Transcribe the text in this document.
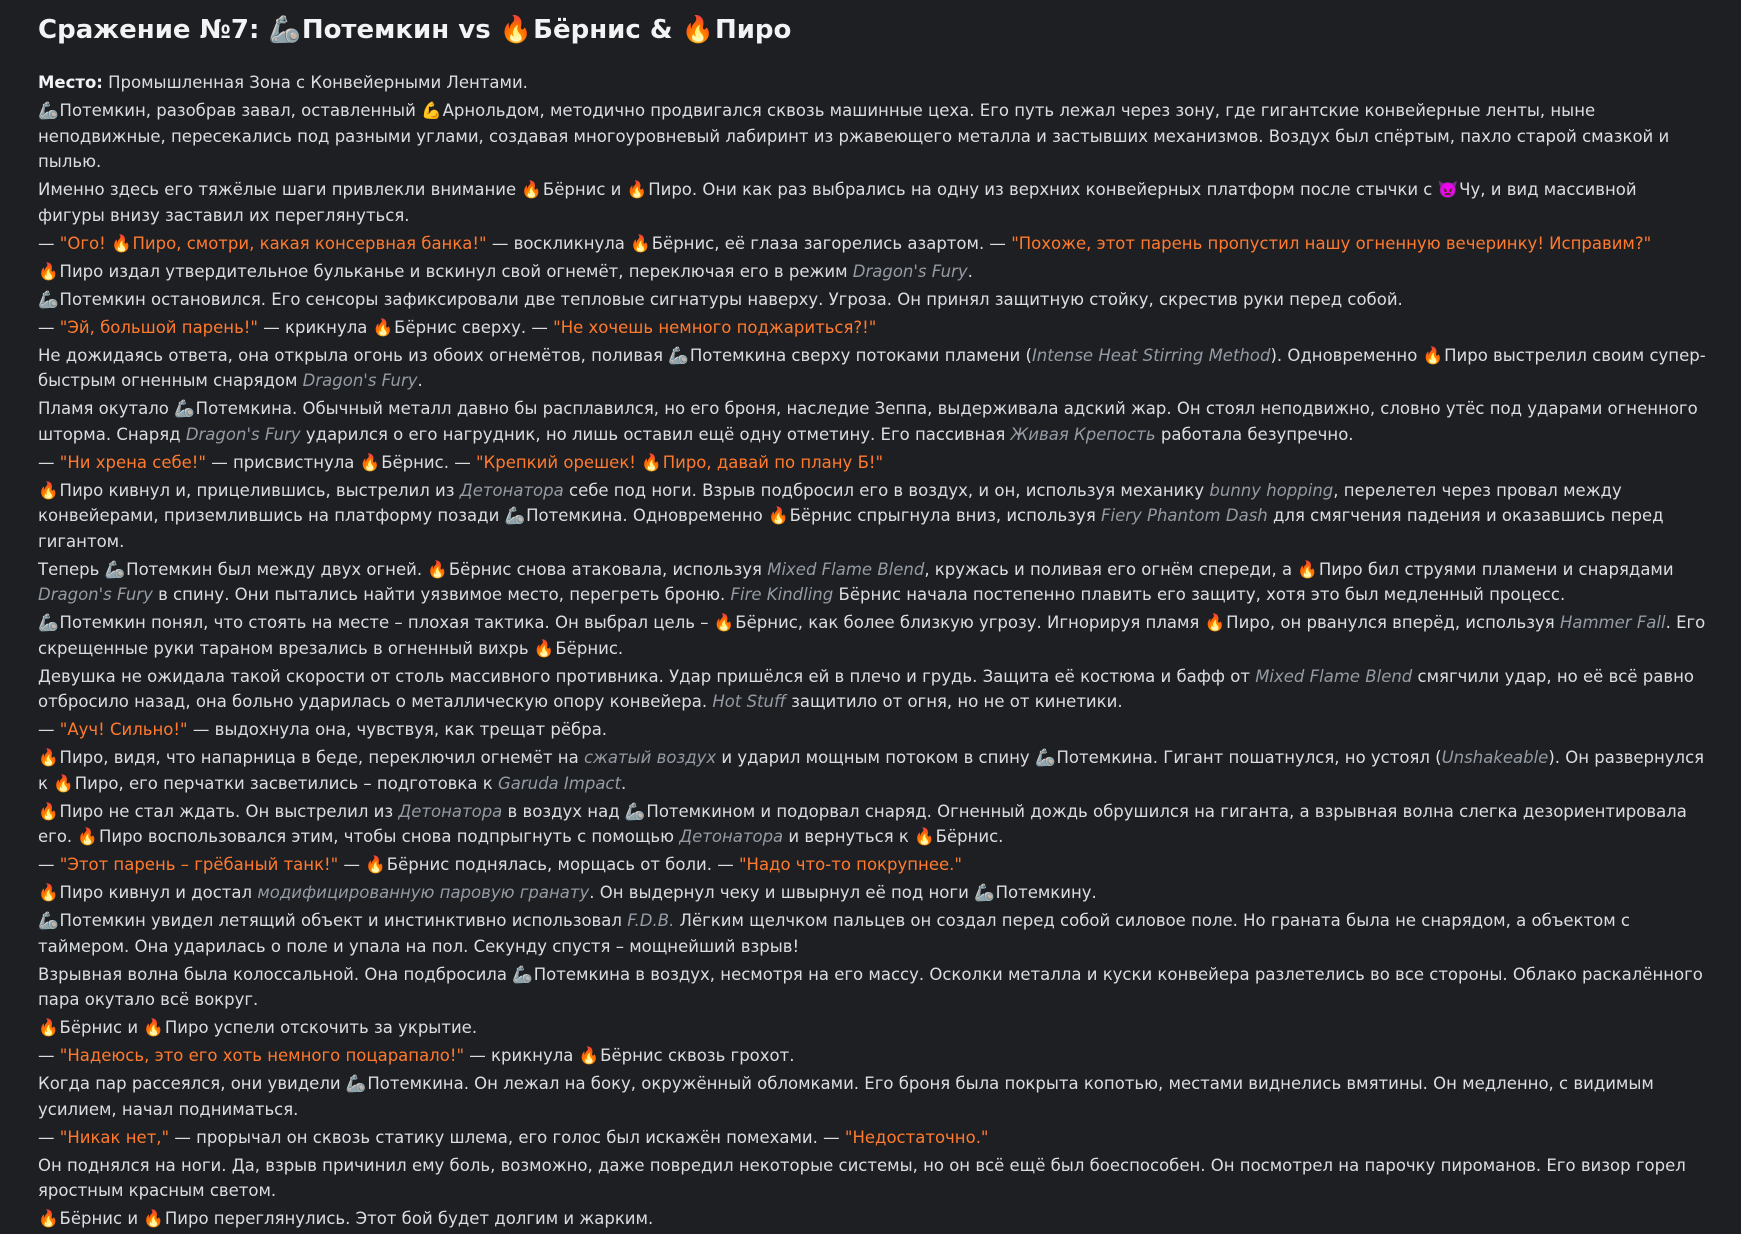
Сражение №7: 🦾Потемкин vs 🔥Бёрнис & 🔥Пиро
Место: Промышленная Зона с Конвейерными Лентами.
🦾Потемкин, разобрав завал, оставленный 💪Арнольдом, методично продвигался сквозь машинные цеха. Его путь лежал через зону, где гигантские конвейерные ленты, ныне неподвижные, пересекались под разными углами, создавая многоуровневый лабиринт из ржавеющего металла и застывших механизмов. Воздух был спёртым, пахло старой смазкой и пылью.
Именно здесь его тяжёлые шаги привлекли внимание 🔥Бёрнис и 🔥Пиро. Они как раз выбрались на одну из верхних конвейерных платформ после стычки с 👿Чу, и вид массивной фигуры внизу заставил их переглянуться.
— "Ого! 🔥Пиро, смотри, какая консервная банка!" — воскликнула 🔥Бёрнис, её глаза загорелись азартом. — "Похоже, этот парень пропустил нашу огненную вечеринку! Исправим?"
🔥Пиро издал утвердительное бульканье и вскинул свой огнемёт, переключая его в режим Dragon's Fury.
🦾Потемкин остановился. Его сенсоры зафиксировали две тепловые сигнатуры наверху. Угроза. Он принял защитную стойку, скрестив руки перед собой.
— "Эй, большой парень!" — крикнула 🔥Бёрнис сверху. — "Не хочешь немного поджариться?!"
Не дожидаясь ответа, она открыла огонь из обоих огнемётов, поливая 🦾Потемкина сверху потоками пламени (Intense Heat Stirring Method). Одновременно 🔥Пиро выстрелил своим супер-быстрым огненным снарядом Dragon's Fury.
Пламя окутало 🦾Потемкина. Обычный металл давно бы расплавился, но его броня, наследие Зеппа, выдерживала адский жар. Он стоял неподвижно, словно утёс под ударами огненного шторма. Снаряд Dragon's Fury ударился о его нагрудник, но лишь оставил ещё одну отметину. Его пассивная Живая Крепость работала безупречно.
— "Ни хрена себе!" — присвистнула 🔥Бёрнис. — "Крепкий орешек! 🔥Пиро, давай по плану Б!"
🔥Пиро кивнул и, прицелившись, выстрелил из Детонатора себе под ноги. Взрыв подбросил его в воздух, и он, используя механику bunny hopping, перелетел через провал между конвейерами, приземлившись на платформу позади 🦾Потемкина. Одновременно 🔥Бёрнис спрыгнула вниз, используя Fiery Phantom Dash для смягчения падения и оказавшись перед гигантом.
Теперь 🦾Потемкин был между двух огней. 🔥Бёрнис снова атаковала, используя Mixed Flame Blend, кружась и поливая его огнём спереди, а 🔥Пиро бил струями пламени и снарядами Dragon's Fury в спину. Они пытались найти уязвимое место, перегреть броню. Fire Kindling Бёрнис начала постепенно плавить его защиту, хотя это был медленный процесс.
🦾Потемкин понял, что стоять на месте – плохая тактика. Он выбрал цель – 🔥Бёрнис, как более близкую угрозу. Игнорируя пламя 🔥Пиро, он рванулся вперёд, используя Hammer Fall. Его скрещенные руки тараном врезались в огненный вихрь 🔥Бёрнис.
Девушка не ожидала такой скорости от столь массивного противника. Удар пришёлся ей в плечо и грудь. Защита её костюма и бафф от Mixed Flame Blend смягчили удар, но её всё равно отбросило назад, она больно ударилась о металлическую опору конвейера. Hot Stuff защитило от огня, но не от кинетики.
— "Ауч! Сильно!" — выдохнула она, чувствуя, как трещат рёбра.
🔥Пиро, видя, что напарница в беде, переключил огнемёт на сжатый воздух и ударил мощным потоком в спину 🦾Потемкина. Гигант пошатнулся, но устоял (Unshakeable). Он развернулся к 🔥Пиро, его перчатки засветились – подготовка к Garuda Impact.
🔥Пиро не стал ждать. Он выстрелил из Детонатора в воздух над 🦾Потемкином и подорвал снаряд. Огненный дождь обрушился на гиганта, а взрывная волна слегка дезориентировала его. 🔥Пиро воспользовался этим, чтобы снова подпрыгнуть с помощью Детонатора и вернуться к 🔥Бёрнис.
— "Этот парень – грёбаный танк!" — 🔥Бёрнис поднялась, морщась от боли. — "Надо что-то покрупнее."
🔥Пиро кивнул и достал модифицированную паровую гранату. Он выдернул чеку и швырнул её под ноги 🦾Потемкину.
🦾Потемкин увидел летящий объект и инстинктивно использовал F.D.B. Лёгким щелчком пальцев он создал перед собой силовое поле. Но граната была не снарядом, а объектом с таймером. Она ударилась о поле и упала на пол. Секунду спустя – мощнейший взрыв!
Взрывная волна была колоссальной. Она подбросила 🦾Потемкина в воздух, несмотря на его массу. Осколки металла и куски конвейера разлетелись во все стороны. Облако раскалённого пара окутало всё вокруг.
🔥Бёрнис и 🔥Пиро успели отскочить за укрытие.
— "Надеюсь, это его хоть немного поцарапало!" — крикнула 🔥Бёрнис сквозь грохот.
Когда пар рассеялся, они увидели 🦾Потемкина. Он лежал на боку, окружённый обломками. Его броня была покрыта копотью, местами виднелись вмятины. Он медленно, с видимым усилием, начал подниматься.
— "Никак нет," — прорычал он сквозь статику шлема, его голос был искажён помехами. — "Недостаточно."
Он поднялся на ноги. Да, взрыв причинил ему боль, возможно, даже повредил некоторые системы, но он всё ещё был боеспособен. Он посмотрел на парочку пироманов. Его визор горел яростным красным светом.
🔥Бёрнис и 🔥Пиро переглянулись. Этот бой будет долгим и жарким.
